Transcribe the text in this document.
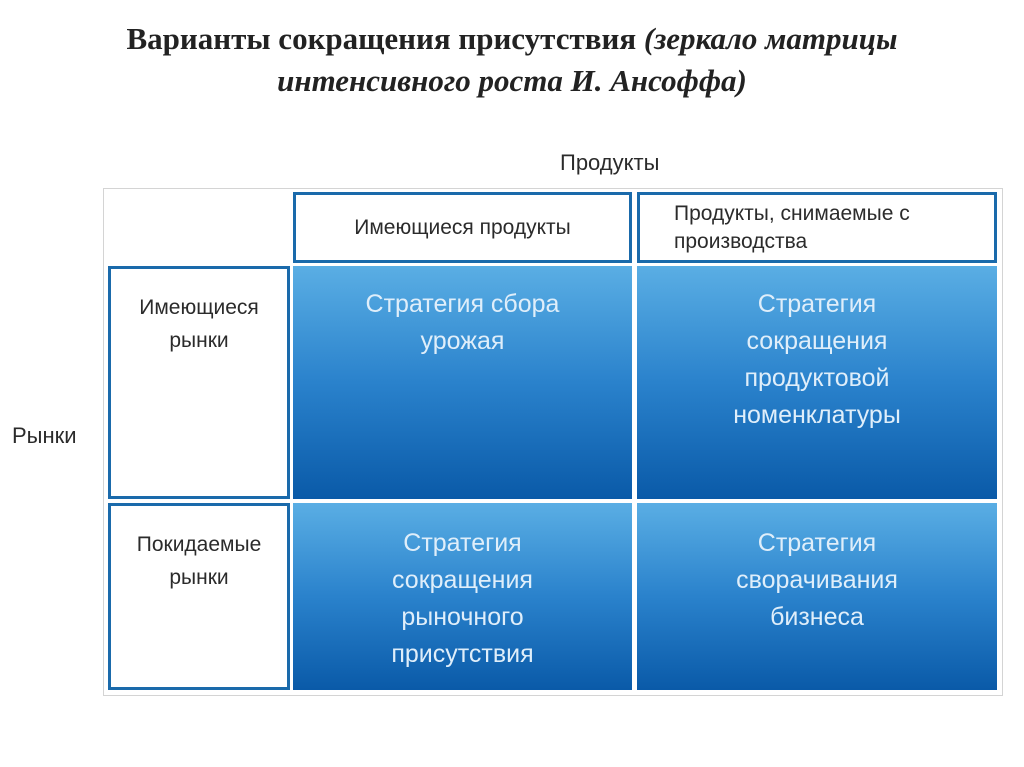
Варианты сокращения присутствия (зеркало матрицы
интенсивного роста И. Ансоффа)
Продукты
Рынки
Имеющиеся продукты
Продукты, снимаемые с
производства
Имеющиеся
рынки
Покидаемые
рынки
Стратегия сбора
урожая
Стратегия
сокращения
продуктовой
номенклатуры
Стратегия
сокращения
рыночного
присутствия
Стратегия
сворачивания
бизнеса
